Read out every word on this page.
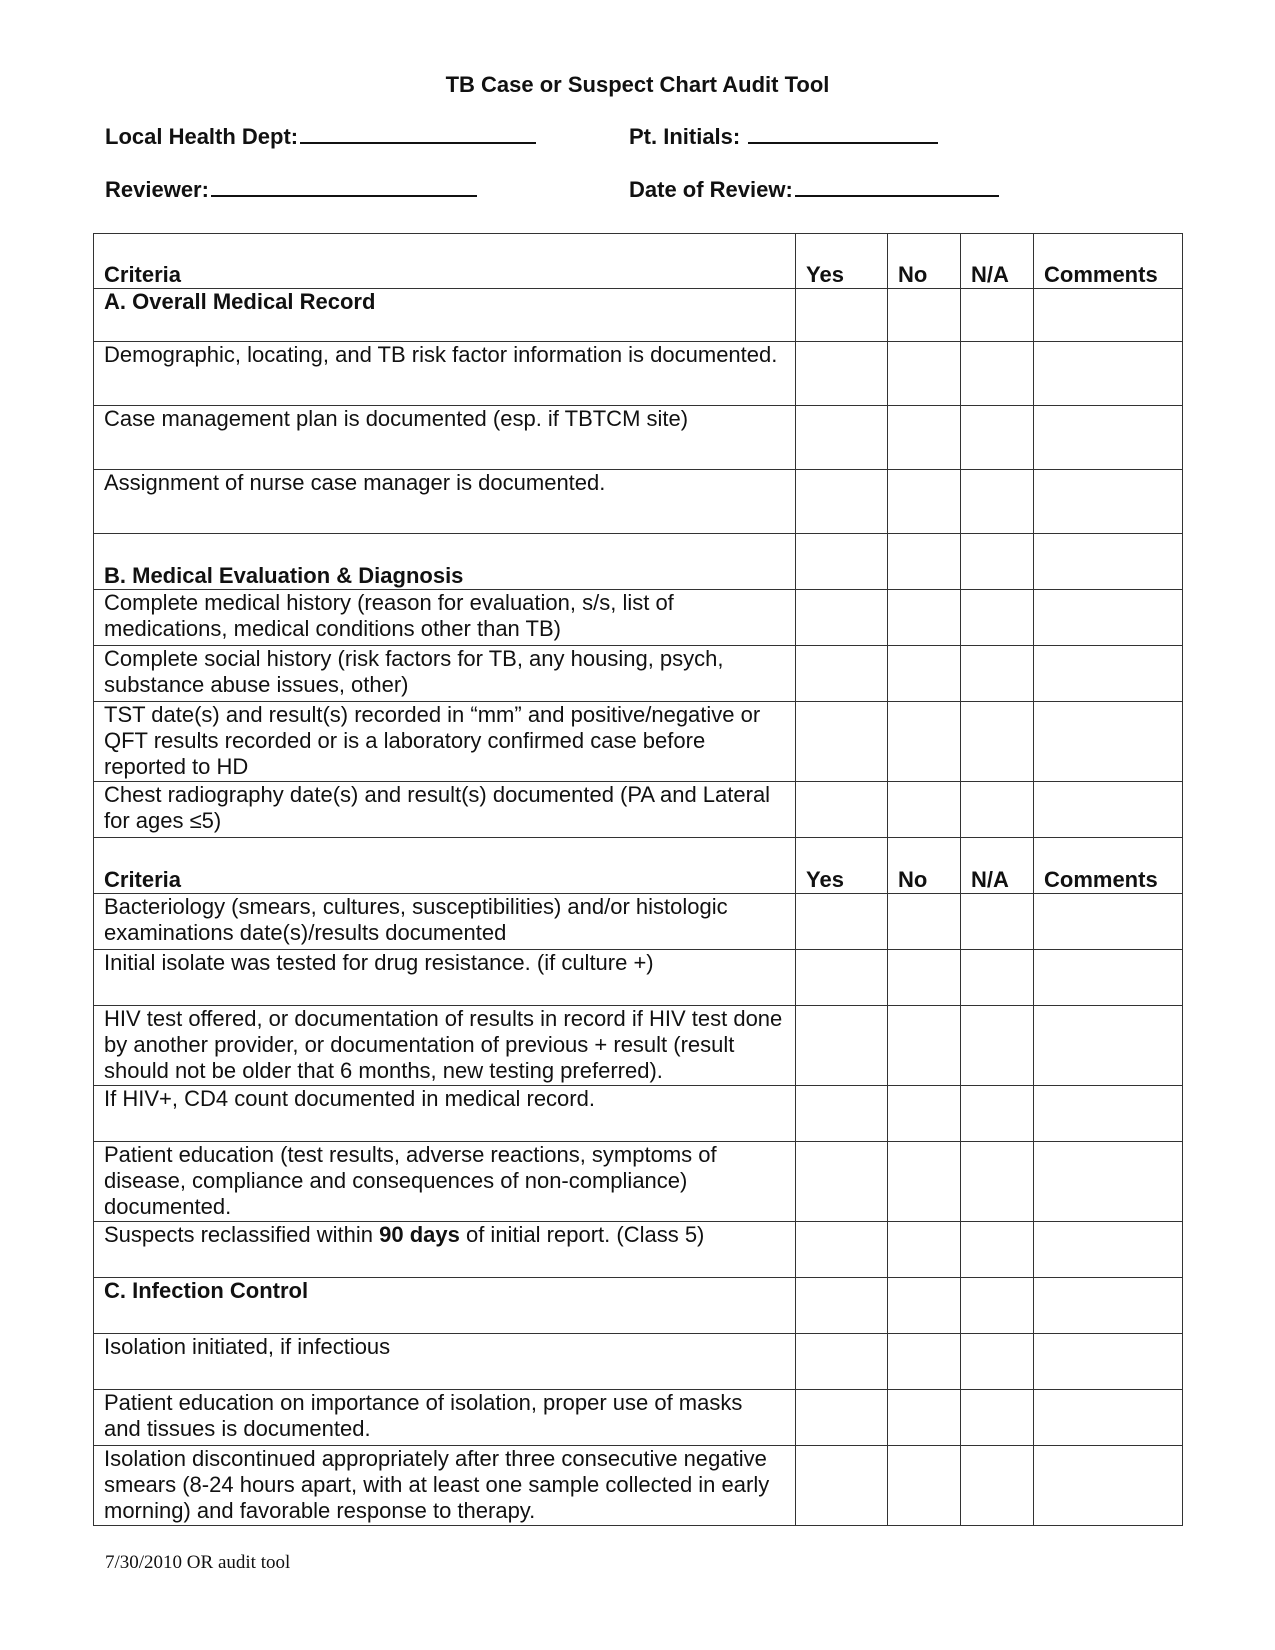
TB Case or Suspect Chart Audit Tool
Local Health Dept:	Pt. Initials:
Reviewer:	Date of Review:
Criteria	Yes	No	N/A	Comments
A. Overall Medical Record				
Demographic, locating, and TB risk factor information is documented.				
Case management plan is documented (esp. if TBTCM site)				
Assignment of nurse case manager is documented.				
B. Medical Evaluation & Diagnosis				
Complete medical history (reason for evaluation, s/s, list of medications, medical conditions other than TB)				
Complete social history (risk factors for TB, any housing, psych, substance abuse issues, other)				
TST date(s) and result(s) recorded in “mm” and positive/negative or QFT results recorded or is a laboratory confirmed case before reported to HD				
Chest radiography date(s) and result(s) documented (PA and Lateral for ages ≤5)				
Criteria	Yes	No	N/A	Comments
Bacteriology (smears, cultures, susceptibilities) and/or histologic examinations date(s)/results documented				
Initial isolate was tested for drug resistance. (if culture +)				
HIV test offered, or documentation of results in record if HIV test done by another provider, or documentation of previous + result (result should not be older that 6 months, new testing preferred).				
If HIV+, CD4 count documented in medical record.				
Patient education (test results, adverse reactions, symptoms of disease, compliance and consequences of non-compliance) documented.				
Suspects reclassified within 90 days of initial report. (Class 5)				
C. Infection Control				
Isolation initiated, if infectious				
Patient education on importance of isolation, proper use of masks and tissues is documented.				
Isolation discontinued appropriately after three consecutive negative smears (8-24 hours apart, with at least one sample collected in early morning) and favorable response to therapy.				
7/30/2010 OR audit tool
